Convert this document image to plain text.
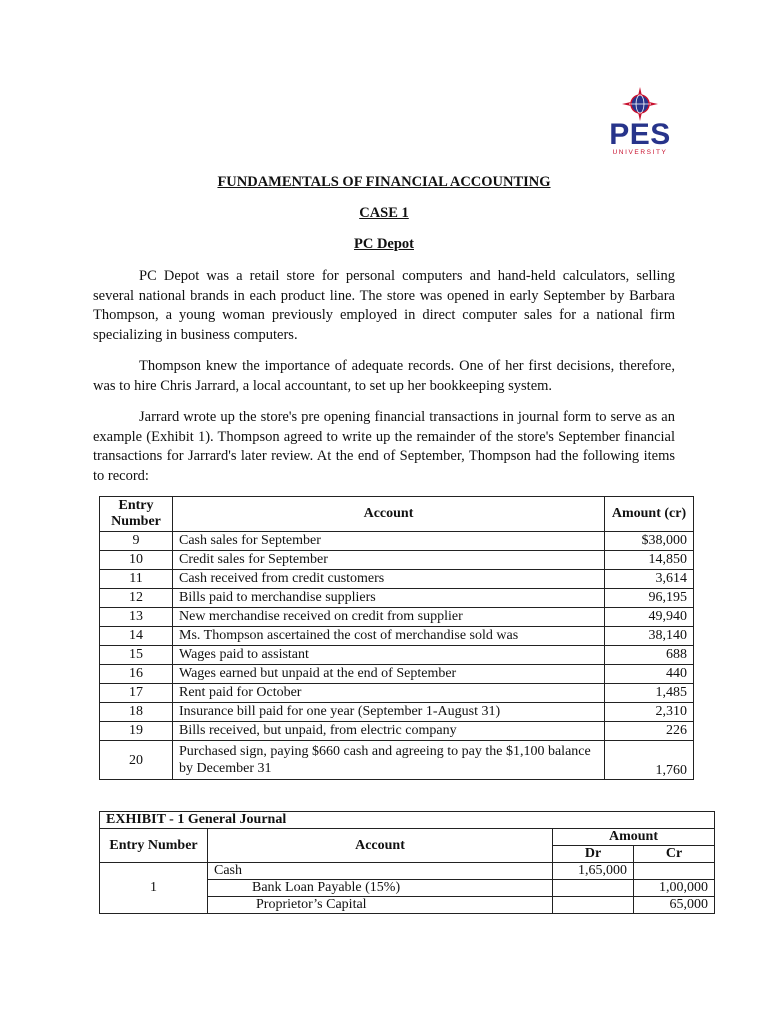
PES
UNIVERSITY
FUNDAMENTALS OF FINANCIAL ACCOUNTING
CASE 1
PC Depot

PC Depot was a retail store for personal computers and hand-held calculators, selling several national brands in each product line. The store was opened in early September by Barbara Thompson, a young woman previously employed in direct computer sales for a national firm specializing in business computers.

Thompson knew the importance of adequate records. One of her first decisions, therefore, was to hire Chris Jarrard, a local accountant, to set up her bookkeeping system.

Jarrard wrote up the store's pre opening financial transactions in journal form to serve as an example (Exhibit 1). Thompson agreed to write up the remainder of the store's September financial transactions for Jarrard's later review. At the end of September, Thompson had the following items to record:

Entry Number	Account	Amount (cr)
9	Cash sales for September	$38,000
10	Credit sales for September	14,850
11	Cash received from credit customers	3,614
12	Bills paid to merchandise suppliers	96,195
13	New merchandise received on credit from supplier	49,940
14	Ms. Thompson ascertained the cost of merchandise sold was	38,140
15	Wages paid to assistant	688
16	Wages earned but unpaid at the end of September	440
17	Rent paid for October	1,485
18	Insurance bill paid for one year (September 1-August 31)	2,310
19	Bills received, but unpaid, from electric company	226
20	Purchased sign, paying $660 cash and agreeing to pay the $1,100 balance by December 31	1,760
EXHIBIT - 1 General Journal			
Entry Number	Account	Amount	
		Dr	Cr
1	Cash	1,65,000	
	Bank Loan Payable (15%)		1,00,000
	Proprietor’s Capital		65,000
